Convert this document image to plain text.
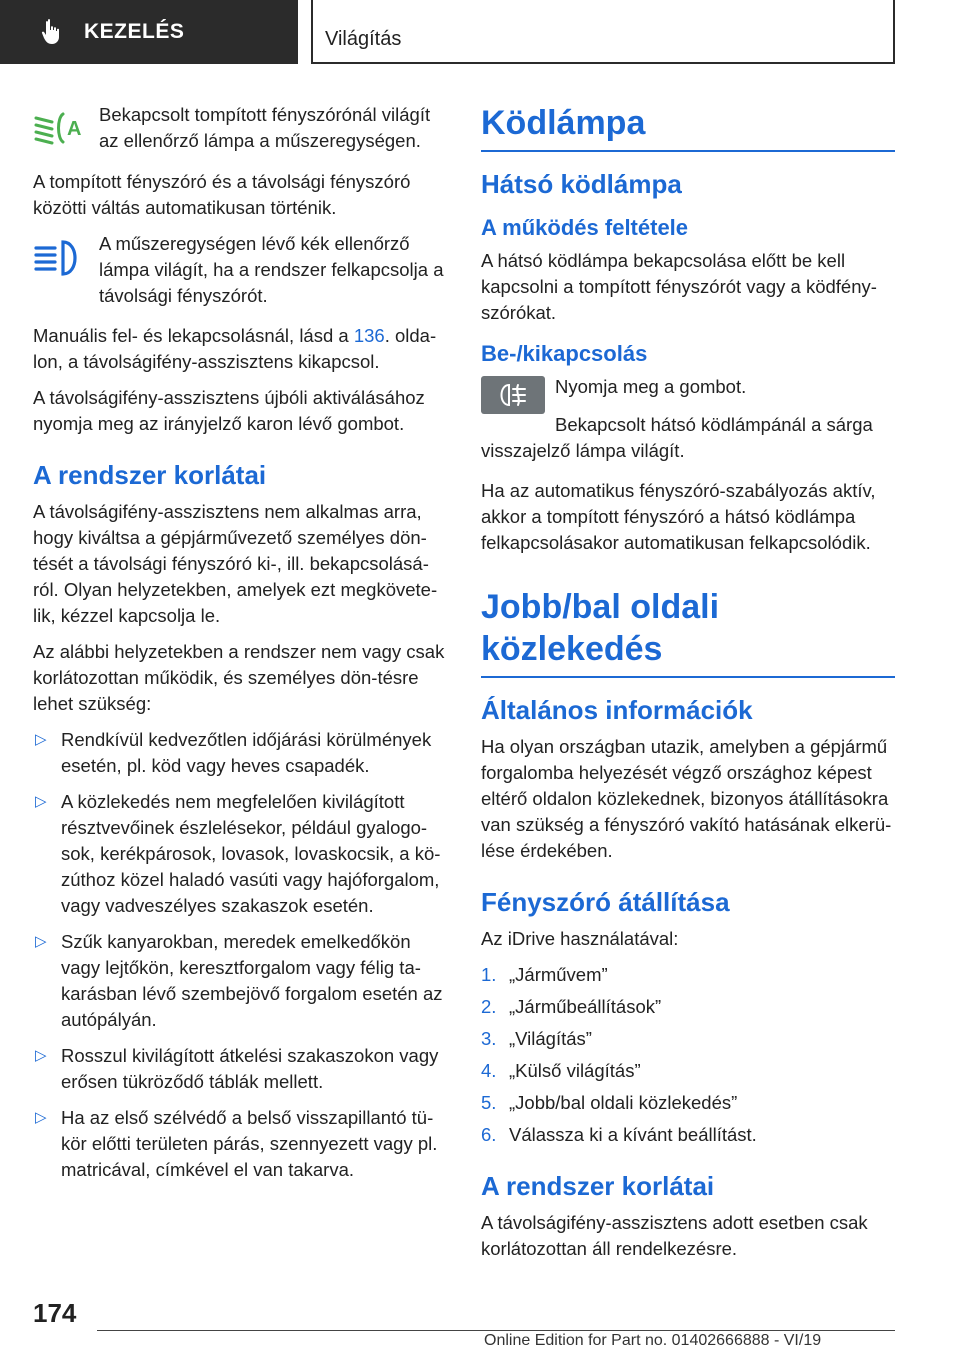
KEZELÉS	Világítás
A
Bekapcsolt tompított fényszórónál világít az ellenőrző lámpa a műszeregységen.

A tompított fényszóró és a távolsági fényszóró közötti váltás automatikusan történik.

A műszeregységen lévő kék ellenőrző lámpa világít, ha a rendszer felkapcsolja a távolsági fényszórót.

Manuális fel- és lekapcsolásnál, lásd a 136. olda-lon, a távolságifény-asszisztens kikapcsol.

A távolságifény-asszisztens újbóli aktiválásához nyomja meg az irányjelző karon lévő gombot.

A rendszer korlátai

A távolságifény-asszisztens nem alkalmas arra, hogy kiváltsa a gépjárművezető személyes dön-tését a távolsági fényszóró ki-, ill. bekapcsolásá-ról. Olyan helyzetekben, amelyek ezt megkövete-lik, kézzel kapcsolja le.

Az alábbi helyzetekben a rendszer nem vagy csak korlátozottan működik, és személyes dön-tésre lehet szükség:

▷ Rendkívül kedvezőtlen időjárási körülmények esetén, pl. köd vagy heves csapadék.
▷ A közlekedés nem megfelelően kivilágított résztvevőinek észlelésekor, például gyalogo-sok, kerékpárosok, lovasok, lovaskocsik, a kö-zúthoz közel haladó vasúti vagy hajóforgalom, vagy vadveszélyes szakaszok esetén.
▷ Szűk kanyarokban, meredek emelkedőkön vagy lejtőkön, keresztforgalom vagy félig ta-karásban lévő szembejövő forgalom esetén az autópályán.
▷ Rosszul kivilágított átkelési szakaszokon vagy erősen tükröződő táblák mellett.
▷ Ha az első szélvédő a belső visszapillantó tü-kör előtti területen párás, szennyezett vagy pl. matricával, címkével el van takarva.
Ködlámpa
Hátsó ködlámpa
A működés feltétele

A hátsó ködlámpa bekapcsolása előtt be kell kapcsolni a tompított fényszórót vagy a ködfény-szórókat.

Be-/kikapcsolás
Nyomja meg a gombot.

Bekapcsolt hátsó ködlámpánál a sárga visszajelző lámpa világít.

Ha az automatikus fényszóró-szabályozás aktív, akkor a tompított fényszóró a hátsó ködlámpa felkapcsolásakor automatikusan felkapcsolódik.

Jobb/bal oldali közlekedés
Általános információk

Ha olyan országban utazik, amelyben a gépjármű forgalomba helyezését végző országhoz képest eltérő oldalon közlekednek, bizonyos átállításokra van szükség a fényszóró vakító hatásának elkerü-lése érdekében.

Fényszóró átállítása

Az iDrive használatával:

1. „Járművem”
2. „Járműbeállítások”
3. „Világítás”
4. „Külső világítás”
5. „Jobb/bal oldali közlekedés”
6. Válassza ki a kívánt beállítást.
A rendszer korlátai

A távolságifény-asszisztens adott esetben csak korlátozottan áll rendelkezésre.

174
Online Edition for Part no. 01402666888 - VI/19
